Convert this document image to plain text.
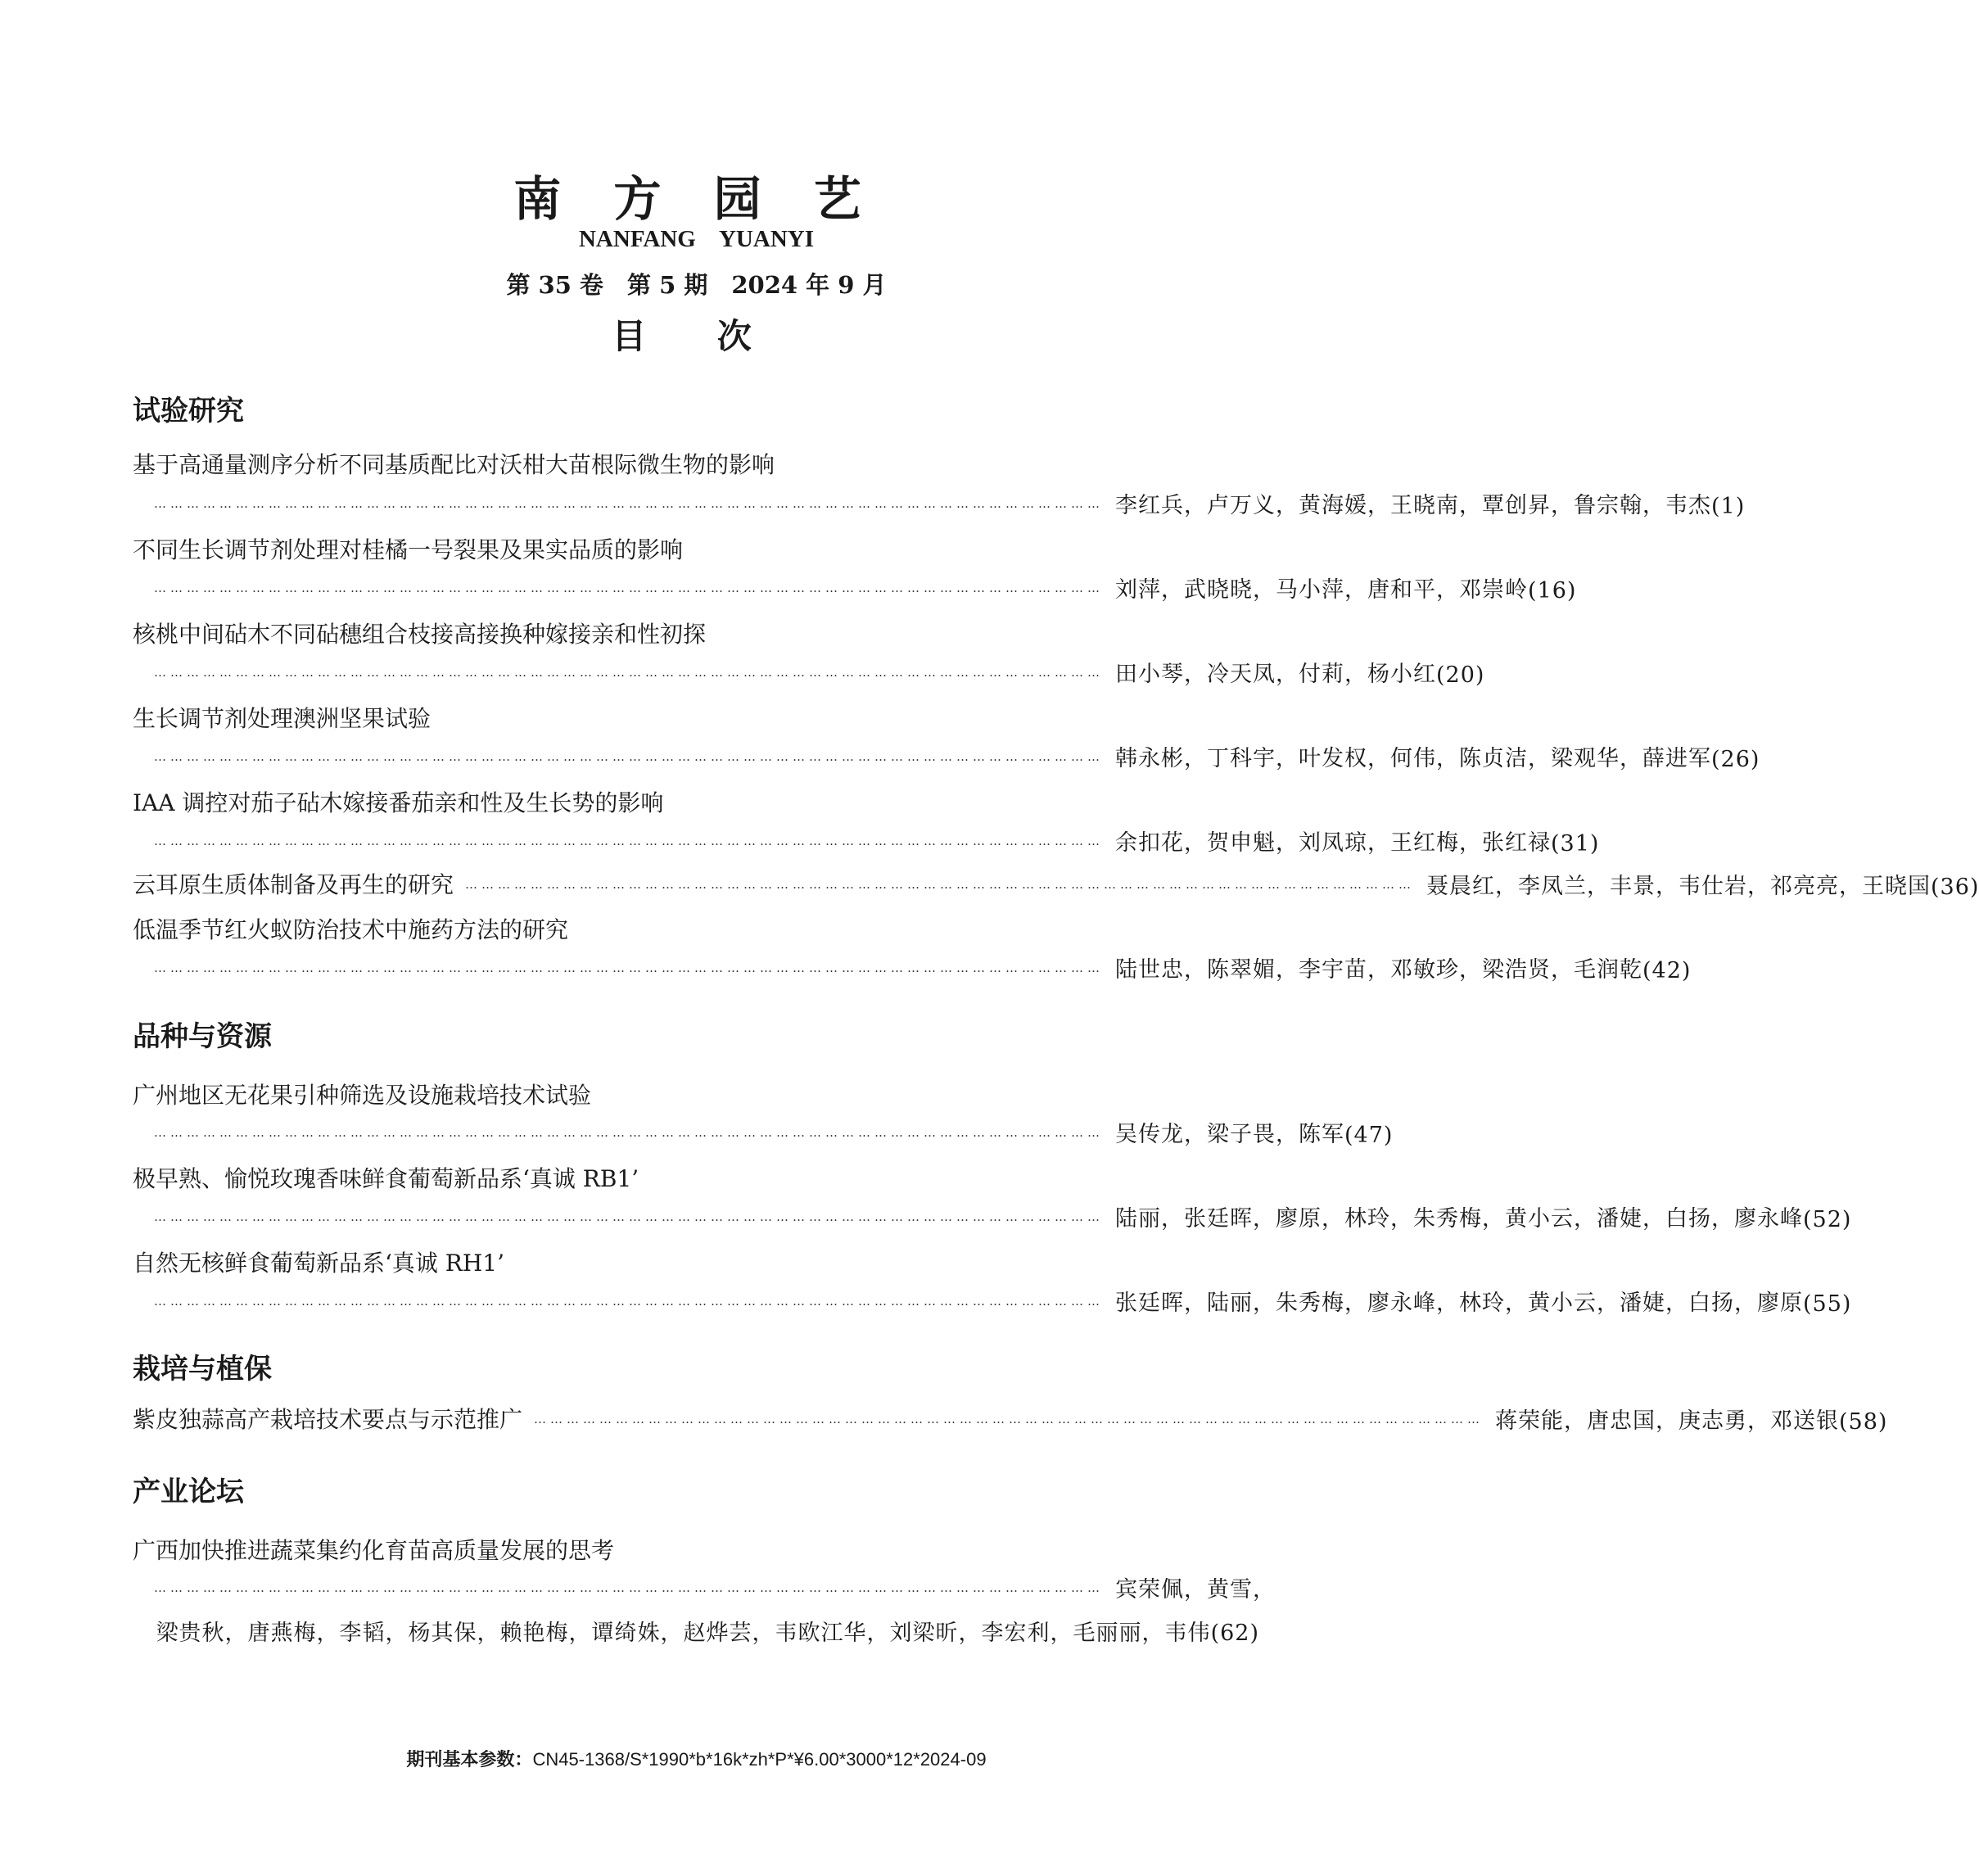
南 方 园 艺
NANFANG YUANYI
第 35 卷　第 5 期　2024 年 9 月
目 次
试验研究
基于高通量测序分析不同基质配比对沃柑大苗根际微生物的影响
………………………………………………………………………………………………………………………………………………………… 李红兵，卢万义，黄海媛，王晓南，覃创昇，鲁宗翰，韦杰 (1)
不同生长调节剂处理对桂橘一号裂果及果实品质的影响
………………………………………………………………………………………………………………………………………………………… 刘萍，武晓晓，马小萍，唐和平，邓崇岭 (16)
核桃中间砧木不同砧穗组合枝接高接换种嫁接亲和性初探
………………………………………………………………………………………………………………………………………………………… 田小琴，冷天凤，付莉，杨小红 (20)
生长调节剂处理澳洲坚果试验
………………………………………………………………………………………………………………………………………………………… 韩永彬，丁科宇，叶发权，何伟，陈贞洁，梁观华，薛进军 (26)
IAA 调控对茄子砧木嫁接番茄亲和性及生长势的影响
………………………………………………………………………………………………………………………………………………………… 余扣花，贺申魁，刘凤琼，王红梅，张红禄 (31)
云耳原生质体制备及再生的研究 ………………………………………………………………………………………………………………………………………………………… 聂晨红，李凤兰，丰景，韦仕岩，祁亮亮，王晓国 (36)
低温季节红火蚁防治技术中施药方法的研究
………………………………………………………………………………………………………………………………………………………… 陆世忠，陈翠媚，李宇苗，邓敏珍，梁浩贤，毛润乾 (42)
品种与资源
广州地区无花果引种筛选及设施栽培技术试验
………………………………………………………………………………………………………………………………………………………… 吴传龙，梁子畏，陈军 (47)
极早熟、愉悦玫瑰香味鲜食葡萄新品系‘真诚 RB1’
………………………………………………………………………………………………………………………………………………………… 陆丽，张廷晖，廖原，林玲，朱秀梅，黄小云，潘婕，白扬，廖永峰 (52)
自然无核鲜食葡萄新品系‘真诚 RH1’
………………………………………………………………………………………………………………………………………………………… 张廷晖，陆丽，朱秀梅，廖永峰，林玲，黄小云，潘婕，白扬，廖原 (55)
栽培与植保
紫皮独蒜高产栽培技术要点与示范推广 ………………………………………………………………………………………………………………………………………………………… 蒋荣能，唐忠国，庚志勇，邓送银 (58)
产业论坛
广西加快推进蔬菜集约化育苗高质量发展的思考
………………………………………………………………………………………………………………………………………………………… 宾荣佩，黄雪，
梁贵秋，唐燕梅，李韬，杨其保，赖艳梅，谭绮姝，赵烨芸，韦欧江华，刘梁昕，李宏利，毛丽丽，韦伟(62)
期刊基本参数：CN45-1368/S*1990*b*16k*zh*P*¥6.00*3000*12*2024-09
